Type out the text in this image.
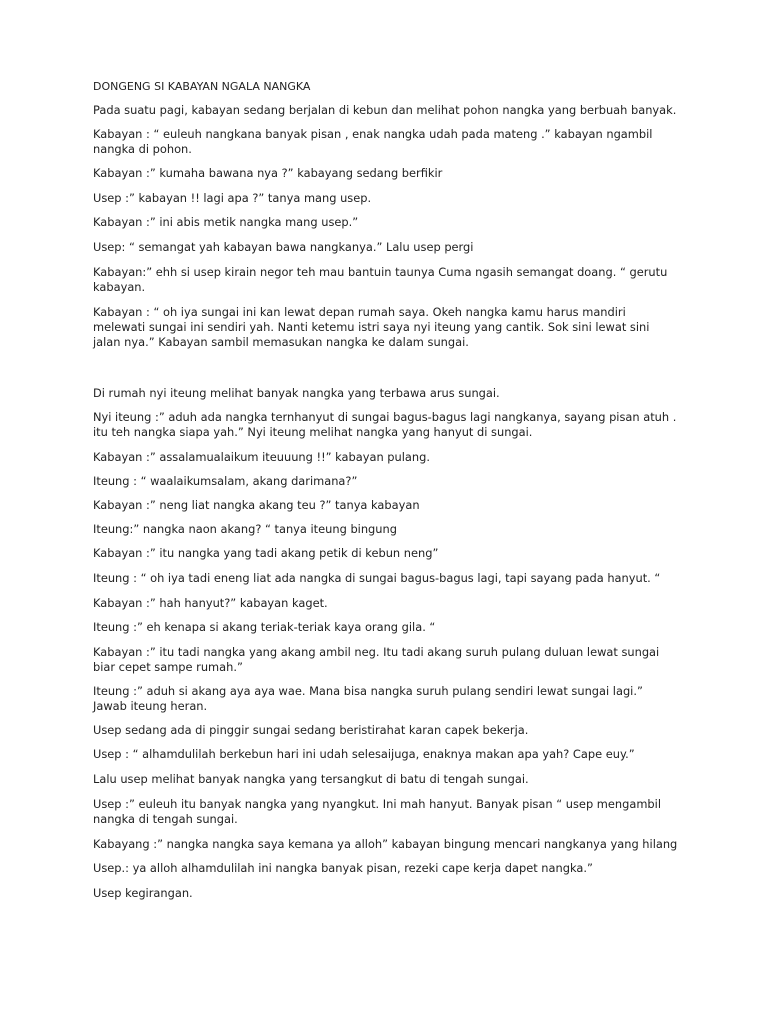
DONGENG SI KABAYAN NGALA NANGKA
Pada suatu pagi, kabayan sedang berjalan di kebun dan melihat pohon nangka yang berbuah banyak.
Kabayan : “ euleuh nangkana banyak pisan , enak nangka udah pada mateng .” kabayan ngambil
nangka di pohon.
Kabayan :” kumaha bawana nya ?” kabayang sedang berfikir
Usep :” kabayan !! lagi apa ?” tanya mang usep.
Kabayan :” ini abis metik nangka mang usep.”
Usep: “ semangat yah kabayan bawa nangkanya.” Lalu usep pergi
Kabayan:” ehh si usep kirain negor teh mau bantuin taunya Cuma ngasih semangat doang. “ gerutu
kabayan.
Kabayan : “ oh iya sungai ini kan lewat depan rumah saya. Okeh nangka kamu harus mandiri
melewati sungai ini sendiri yah. Nanti ketemu istri saya nyi iteung yang cantik. Sok sini lewat sini
jalan nya.” Kabayan sambil memasukan nangka ke dalam sungai.
Di rumah nyi iteung melihat banyak nangka yang terbawa arus sungai.
Nyi iteung :” aduh ada nangka ternhanyut di sungai bagus-bagus lagi nangkanya, sayang pisan atuh .
itu teh nangka siapa yah.” Nyi iteung melihat nangka yang hanyut di sungai.
Kabayan :” assalamualaikum iteuuung !!” kabayan pulang.
Iteung : “ waalaikumsalam, akang darimana?”
Kabayan :” neng liat nangka akang teu ?” tanya kabayan
Iteung:” nangka naon akang? “ tanya iteung bingung
Kabayan :” itu nangka yang tadi akang petik di kebun neng”
Iteung : “ oh iya tadi eneng liat ada nangka di sungai bagus-bagus lagi, tapi sayang pada hanyut. “
Kabayan :” hah hanyut?” kabayan kaget.
Iteung :” eh kenapa si akang teriak-teriak kaya orang gila. “
Kabayan :” itu tadi nangka yang akang ambil neg. Itu tadi akang suruh pulang duluan lewat sungai
biar cepet sampe rumah.”
Iteung :” aduh si akang aya aya wae. Mana bisa nangka suruh pulang sendiri lewat sungai lagi.”
Jawab iteung heran.
Usep sedang ada di pinggir sungai sedang beristirahat karan capek bekerja.
Usep : “ alhamdulilah berkebun hari ini udah selesaijuga, enaknya makan apa yah? Cape euy.”
Lalu usep melihat banyak nangka yang tersangkut di batu di tengah sungai.
Usep :” euleuh itu banyak nangka yang nyangkut. Ini mah hanyut. Banyak pisan “ usep mengambil
nangka di tengah sungai.
Kabayang :” nangka nangka saya kemana ya alloh” kabayan bingung mencari nangkanya yang hilang
Usep.: ya alloh alhamdulilah ini nangka banyak pisan, rezeki cape kerja dapet nangka.”
Usep kegirangan.
